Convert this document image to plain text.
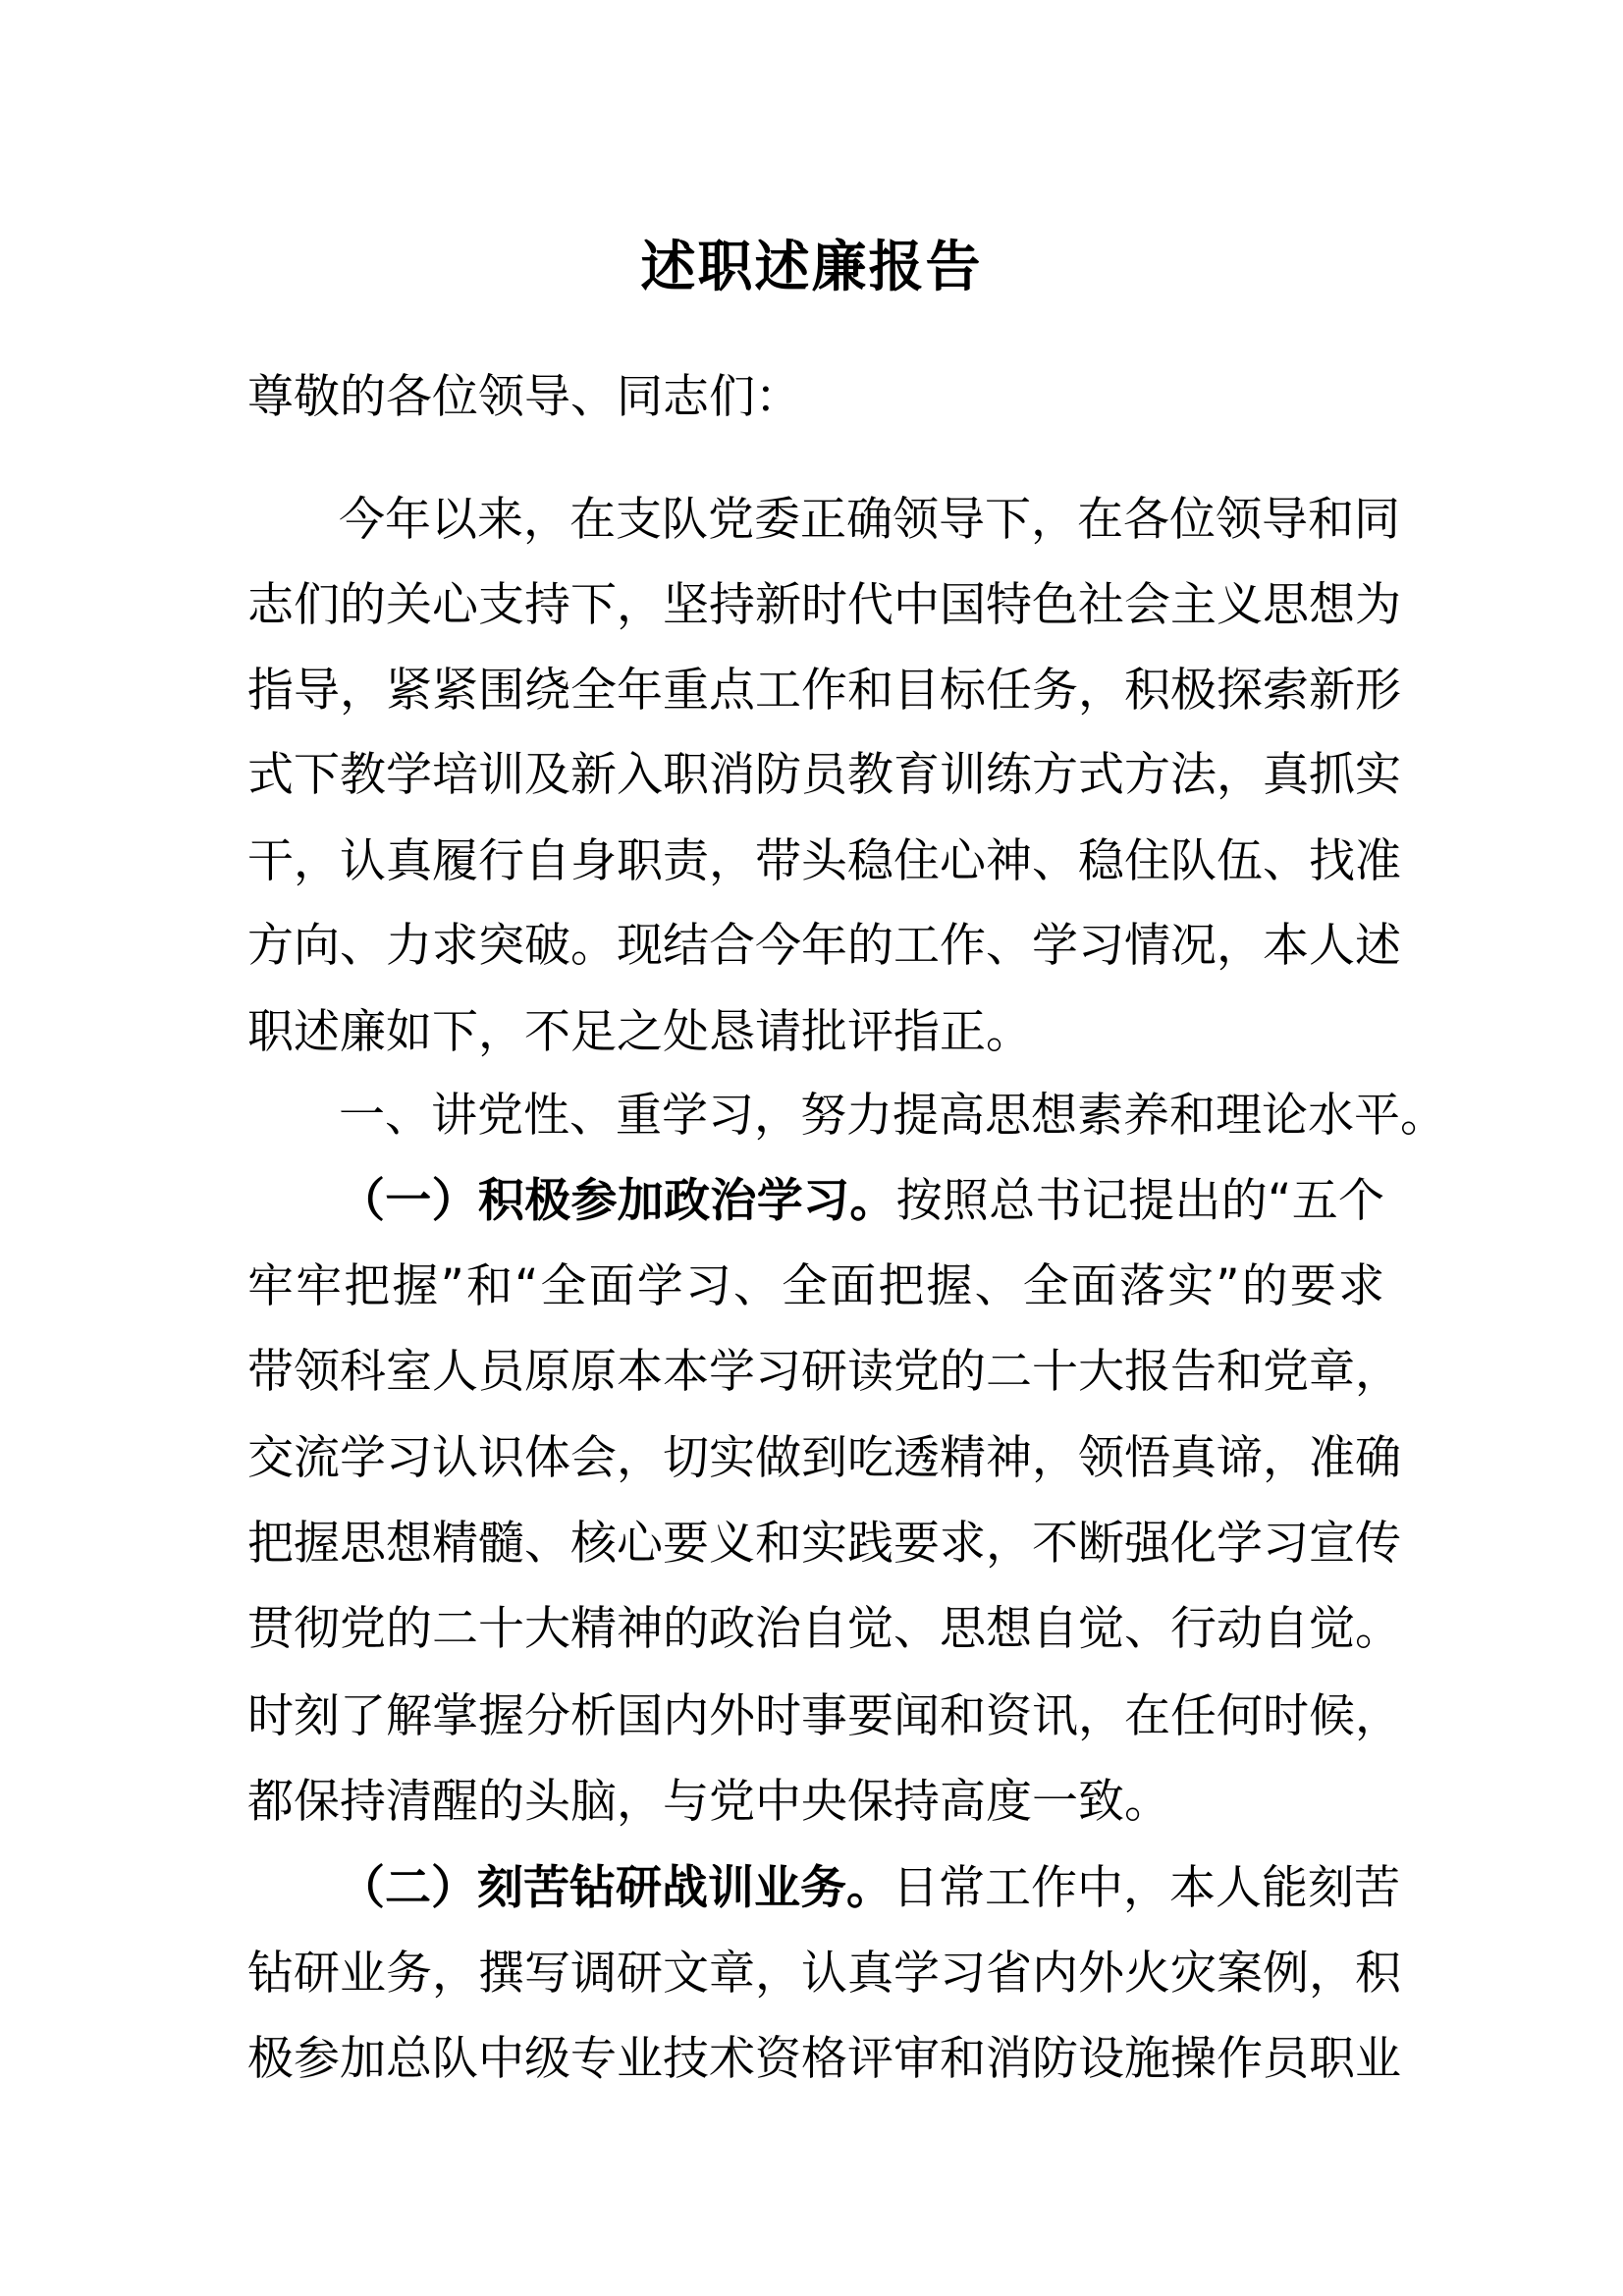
述职述廉报告
尊敬的各位领导、同志们：
今年以来，在支队党委正确领导下，在各位领导和同
志们的关心支持下，坚持新时代中国特色社会主义思想为
指导，紧紧围绕全年重点工作和目标任务，积极探索新形
式下教学培训及新入职消防员教育训练方式方法，真抓实
干，认真履行自身职责，带头稳住心神、稳住队伍、找准
方向、力求突破。现结合今年的工作、学习情况，本人述
职述廉如下，不足之处恳请批评指正。
一、讲党性、重学习，努力提高思想素养和理论水平。
（一）积极参加政治学习。按照总书记提出的“五个
牢牢把握”和“全面学习、全面把握、全面落实”的要求
带领科室人员原原本本学习研读党的二十大报告和党章，
交流学习认识体会，切实做到吃透精神，领悟真谛，准确
把握思想精髓、核心要义和实践要求，不断强化学习宣传
贯彻党的二十大精神的政治自觉、思想自觉、行动自觉。
时刻了解掌握分析国内外时事要闻和资讯，在任何时候，
都保持清醒的头脑，与党中央保持高度一致。
（二）刻苦钻研战训业务。日常工作中，本人能刻苦
钻研业务，撰写调研文章，认真学习省内外火灾案例，积
极参加总队中级专业技术资格评审和消防设施操作员职业
